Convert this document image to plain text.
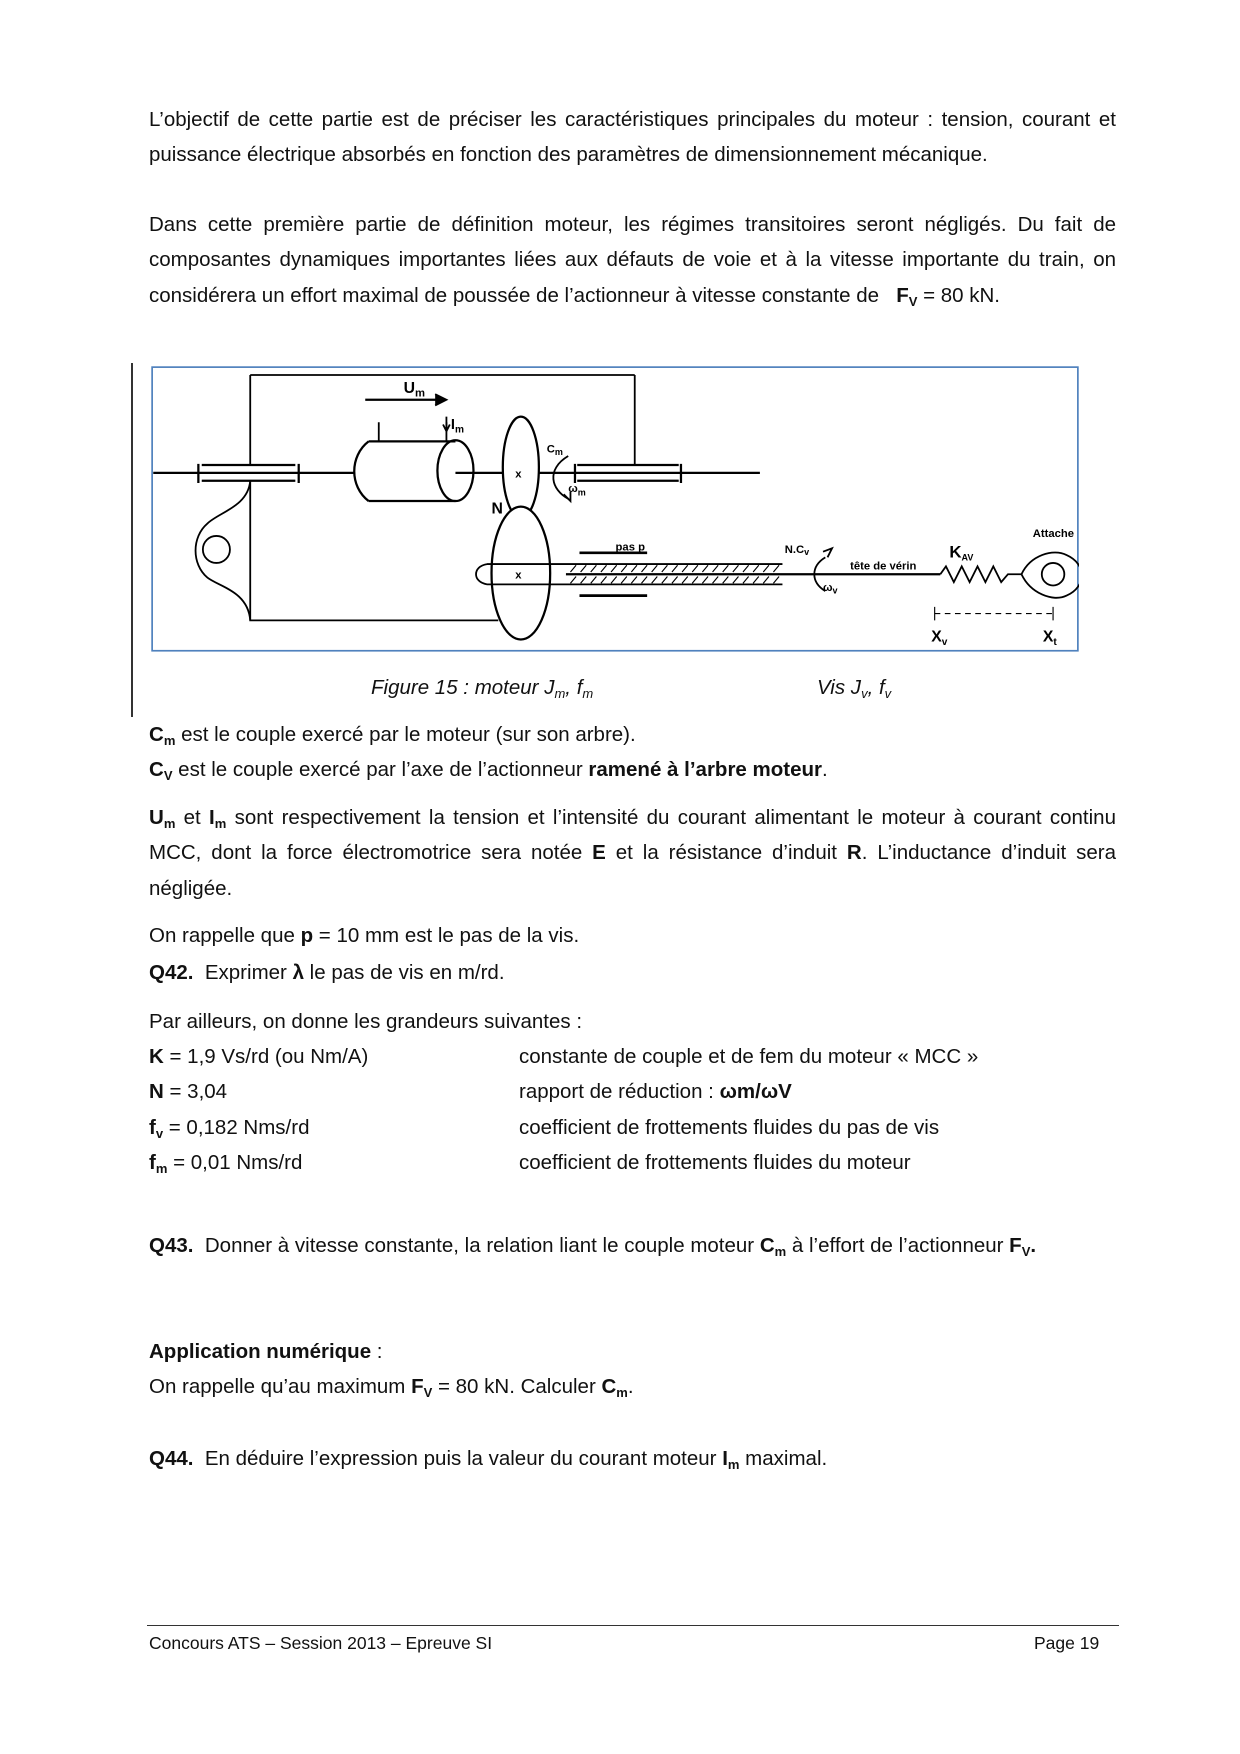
L’objectif de cette partie est de préciser les caractéristiques principales du moteur : tension, courant et puissance électrique absorbés en fonction des paramètres de dimensionnement mécanique.
Dans cette première partie de définition moteur, les régimes transitoires seront négligés. Du fait de composantes dynamiques importantes liées aux défauts de voie et à la vitesse importante du train, on considérera un effort maximal de poussée de l’actionneur à vitesse constante de $F_V = 80$ kN.
$U_m$
$I_m$
x
x
$C_m$
$\omega_m$
N
pas p	$N.C_v$
$\omega_v$
tête de vérin
$K_{AV}$
Attache
$X_v$	$X_t$
Figure 15 : moteur $J_m$, $f_m$	Vis $J_v$, $f_v$
$C_m$ est le couple exercé par le moteur (sur son arbre).
$C_V$ est le couple exercé par l’axe de l’actionneur ramené à l’arbre moteur.
$U_m$ et $I_m$ sont respectivement la tension et l’intensité du courant alimentant le moteur à courant continu MCC, dont la force électromotrice sera notée E et la résistance d’induit R. L’inductance d’induit sera négligée.
On rappelle que p = 10 mm est le pas de la vis.
Q42. Exprimer λ le pas de vis en m/rd.
Par ailleurs, on donne les grandeurs suivantes :
K = 1,9 Vs/rd (ou Nm/A)	constante de couple et de fem du moteur « MCC »
N = 3,04	rapport de réduction : ωm/ωV
$f_v = 0,182$ Nms/rd	coefficient de frottements fluides du pas de vis
$f_m = 0,01$ Nms/rd	coefficient de frottements fluides du moteur
Q43. Donner à vitesse constante, la relation liant le couple moteur $C_m$ à l’effort de l’actionneur $F_V$.
Application numérique :
On rappelle qu’au maximum $F_V = 80$ kN. Calculer $C_m$.
Q44. En déduire l’expression puis la valeur du courant moteur $I_m$ maximal.
Concours ATS – Session 2013 – Epreuve SI	Page 19
